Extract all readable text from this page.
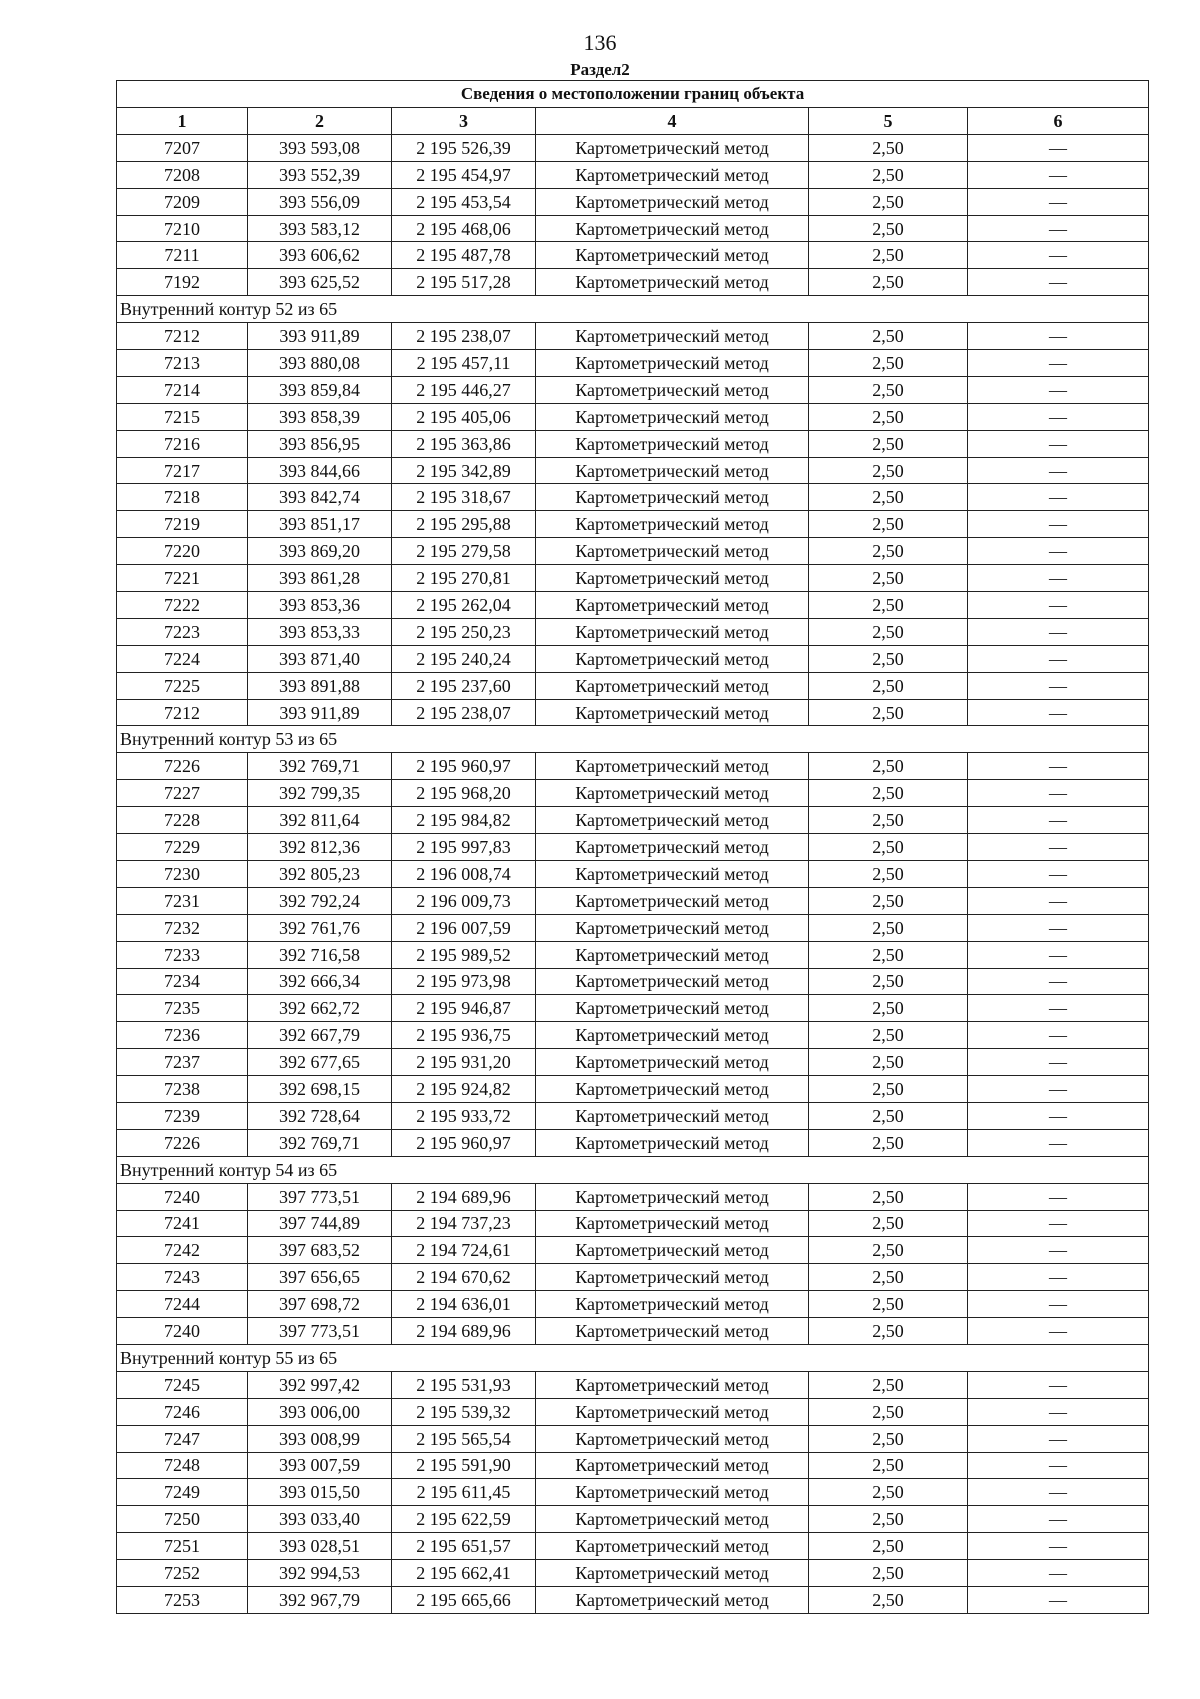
136
Раздел2
Сведения о местоположении границ объекта					
1	2	3	4	5	6
7207	393 593,08	2 195 526,39	Картометрический метод	2,50	—
7208	393 552,39	2 195 454,97	Картометрический метод	2,50	—
7209	393 556,09	2 195 453,54	Картометрический метод	2,50	—
7210	393 583,12	2 195 468,06	Картометрический метод	2,50	—
7211	393 606,62	2 195 487,78	Картометрический метод	2,50	—
7192	393 625,52	2 195 517,28	Картометрический метод	2,50	—
Внутренний контур 52 из 65					
7212	393 911,89	2 195 238,07	Картометрический метод	2,50	—
7213	393 880,08	2 195 457,11	Картометрический метод	2,50	—
7214	393 859,84	2 195 446,27	Картометрический метод	2,50	—
7215	393 858,39	2 195 405,06	Картометрический метод	2,50	—
7216	393 856,95	2 195 363,86	Картометрический метод	2,50	—
7217	393 844,66	2 195 342,89	Картометрический метод	2,50	—
7218	393 842,74	2 195 318,67	Картометрический метод	2,50	—
7219	393 851,17	2 195 295,88	Картометрический метод	2,50	—
7220	393 869,20	2 195 279,58	Картометрический метод	2,50	—
7221	393 861,28	2 195 270,81	Картометрический метод	2,50	—
7222	393 853,36	2 195 262,04	Картометрический метод	2,50	—
7223	393 853,33	2 195 250,23	Картометрический метод	2,50	—
7224	393 871,40	2 195 240,24	Картометрический метод	2,50	—
7225	393 891,88	2 195 237,60	Картометрический метод	2,50	—
7212	393 911,89	2 195 238,07	Картометрический метод	2,50	—
Внутренний контур 53 из 65					
7226	392 769,71	2 195 960,97	Картометрический метод	2,50	—
7227	392 799,35	2 195 968,20	Картометрический метод	2,50	—
7228	392 811,64	2 195 984,82	Картометрический метод	2,50	—
7229	392 812,36	2 195 997,83	Картометрический метод	2,50	—
7230	392 805,23	2 196 008,74	Картометрический метод	2,50	—
7231	392 792,24	2 196 009,73	Картометрический метод	2,50	—
7232	392 761,76	2 196 007,59	Картометрический метод	2,50	—
7233	392 716,58	2 195 989,52	Картометрический метод	2,50	—
7234	392 666,34	2 195 973,98	Картометрический метод	2,50	—
7235	392 662,72	2 195 946,87	Картометрический метод	2,50	—
7236	392 667,79	2 195 936,75	Картометрический метод	2,50	—
7237	392 677,65	2 195 931,20	Картометрический метод	2,50	—
7238	392 698,15	2 195 924,82	Картометрический метод	2,50	—
7239	392 728,64	2 195 933,72	Картометрический метод	2,50	—
7226	392 769,71	2 195 960,97	Картометрический метод	2,50	—
Внутренний контур 54 из 65					
7240	397 773,51	2 194 689,96	Картометрический метод	2,50	—
7241	397 744,89	2 194 737,23	Картометрический метод	2,50	—
7242	397 683,52	2 194 724,61	Картометрический метод	2,50	—
7243	397 656,65	2 194 670,62	Картометрический метод	2,50	—
7244	397 698,72	2 194 636,01	Картометрический метод	2,50	—
7240	397 773,51	2 194 689,96	Картометрический метод	2,50	—
Внутренний контур 55 из 65					
7245	392 997,42	2 195 531,93	Картометрический метод	2,50	—
7246	393 006,00	2 195 539,32	Картометрический метод	2,50	—
7247	393 008,99	2 195 565,54	Картометрический метод	2,50	—
7248	393 007,59	2 195 591,90	Картометрический метод	2,50	—
7249	393 015,50	2 195 611,45	Картометрический метод	2,50	—
7250	393 033,40	2 195 622,59	Картометрический метод	2,50	—
7251	393 028,51	2 195 651,57	Картометрический метод	2,50	—
7252	392 994,53	2 195 662,41	Картометрический метод	2,50	—
7253	392 967,79	2 195 665,66	Картометрический метод	2,50	—
